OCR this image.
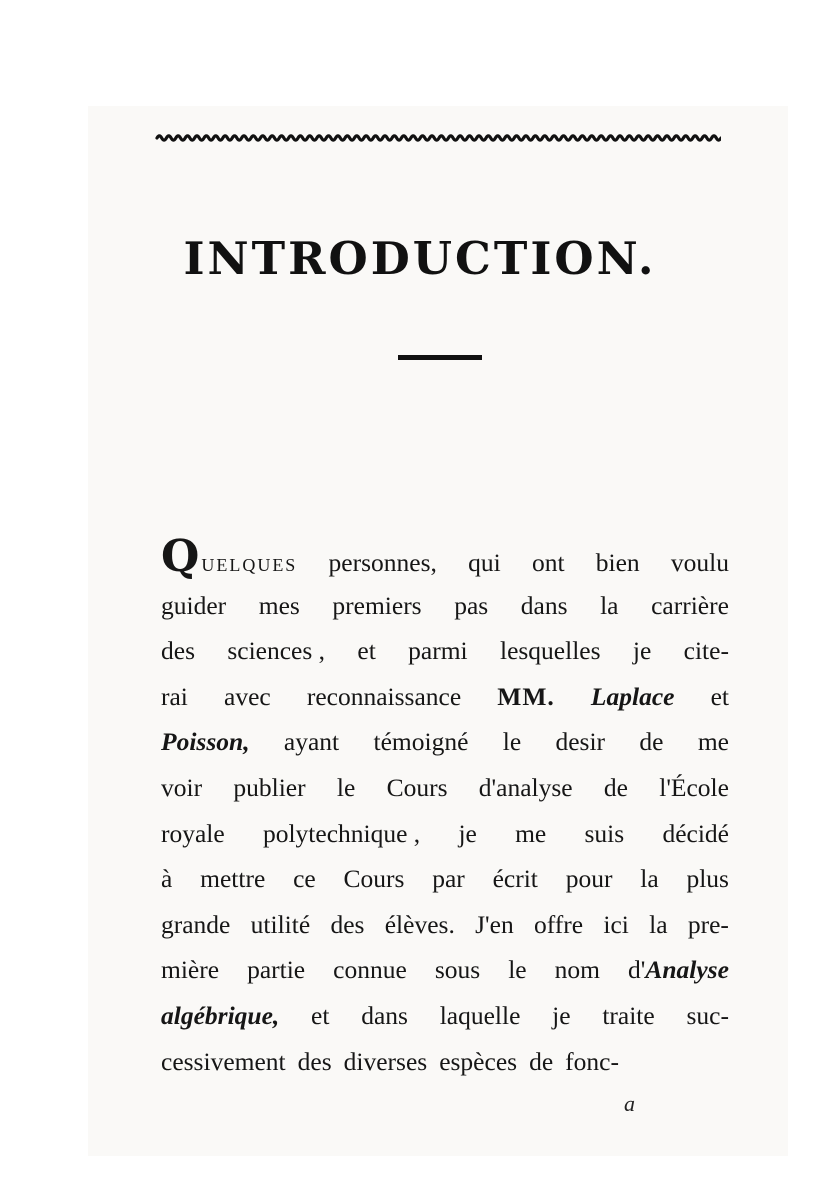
INTRODUCTION.
Q UELQUES personnes, qui ont bien voulu
guider mes premiers pas dans la carrière
des sciences , et parmi lesquelles je cite-
rai avec reconnaissance MM. Laplace et
Poisson, ayant témoigné le desir de me
voir publier le Cours d'analyse de l'École
royale polytechnique , je me suis décidé
à mettre ce Cours par écrit pour la plus
grande utilité des élèves. J'en offre ici la pre-
mière partie connue sous le nom d'Analyse
algébrique, et dans laquelle je traite suc-
cessivement des diverses espèces de fonc-
a
